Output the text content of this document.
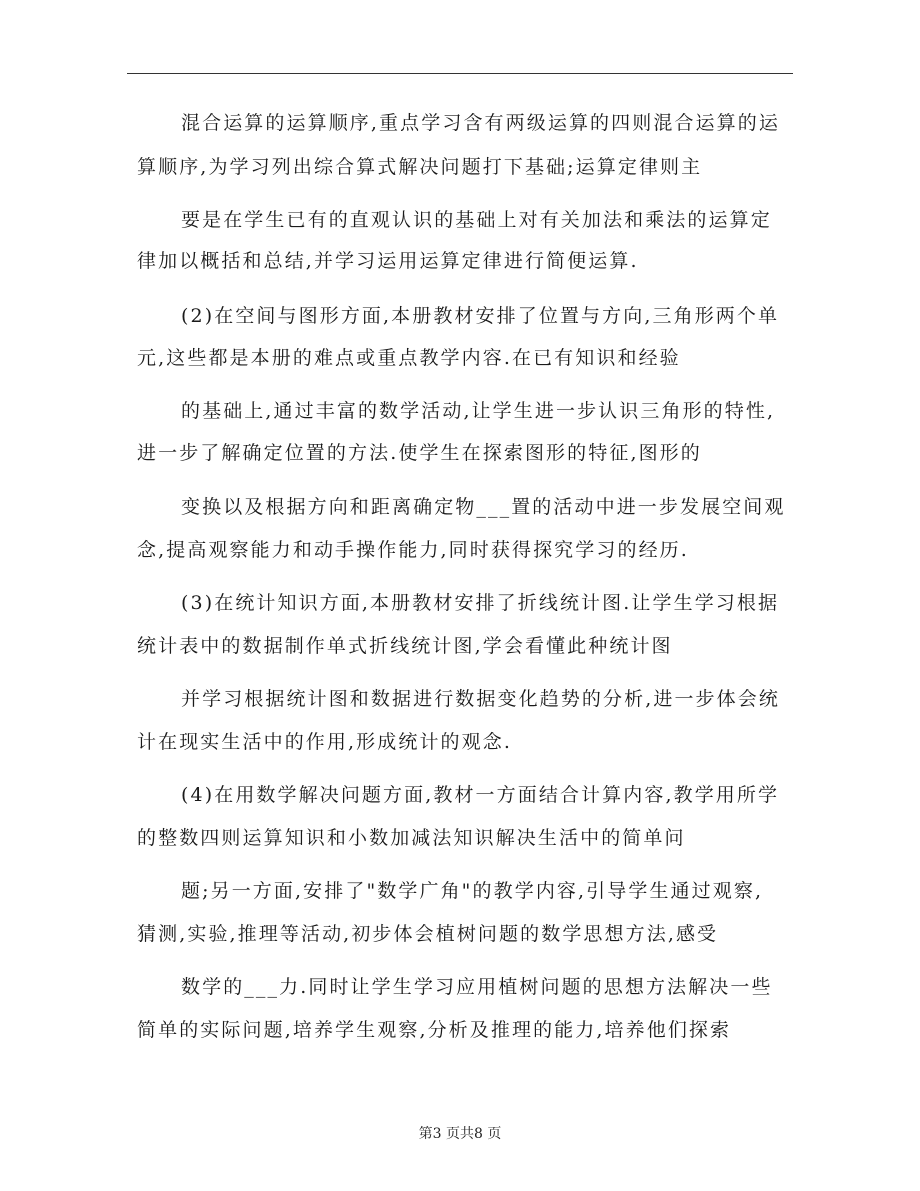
混合运算的运算顺序,重点学习含有两级运算的四则混合运算的运
算顺序,为学习列出综合算式解决问题打下基础;运算定律则主
要是在学生已有的直观认识的基础上对有关加法和乘法的运算定
律加以概括和总结,并学习运用运算定律进行简便运算.
(2)在空间与图形方面,本册教材安排了位置与方向,三角形两个单
元,这些都是本册的难点或重点教学内容.在已有知识和经验
的基础上,通过丰富的数学活动,让学生进一步认识三角形的特性,
进一步了解确定位置的方法.使学生在探索图形的特征,图形的
变换以及根据方向和距离确定物___置的活动中进一步发展空间观
念,提高观察能力和动手操作能力,同时获得探究学习的经历.
(3)在统计知识方面,本册教材安排了折线统计图.让学生学习根据
统计表中的数据制作单式折线统计图,学会看懂此种统计图
并学习根据统计图和数据进行数据变化趋势的分析,进一步体会统
计在现实生活中的作用,形成统计的观念.
(4)在用数学解决问题方面,教材一方面结合计算内容,教学用所学
的整数四则运算知识和小数加减法知识解决生活中的简单问
题;另一方面,安排了"数学广角"的教学内容,引导学生通过观察,
猜测,实验,推理等活动,初步体会植树问题的数学思想方法,感受
数学的___力.同时让学生学习应用植树问题的思想方法解决一些
简单的实际问题,培养学生观察,分析及推理的能力,培养他们探索
第3 页共8 页
